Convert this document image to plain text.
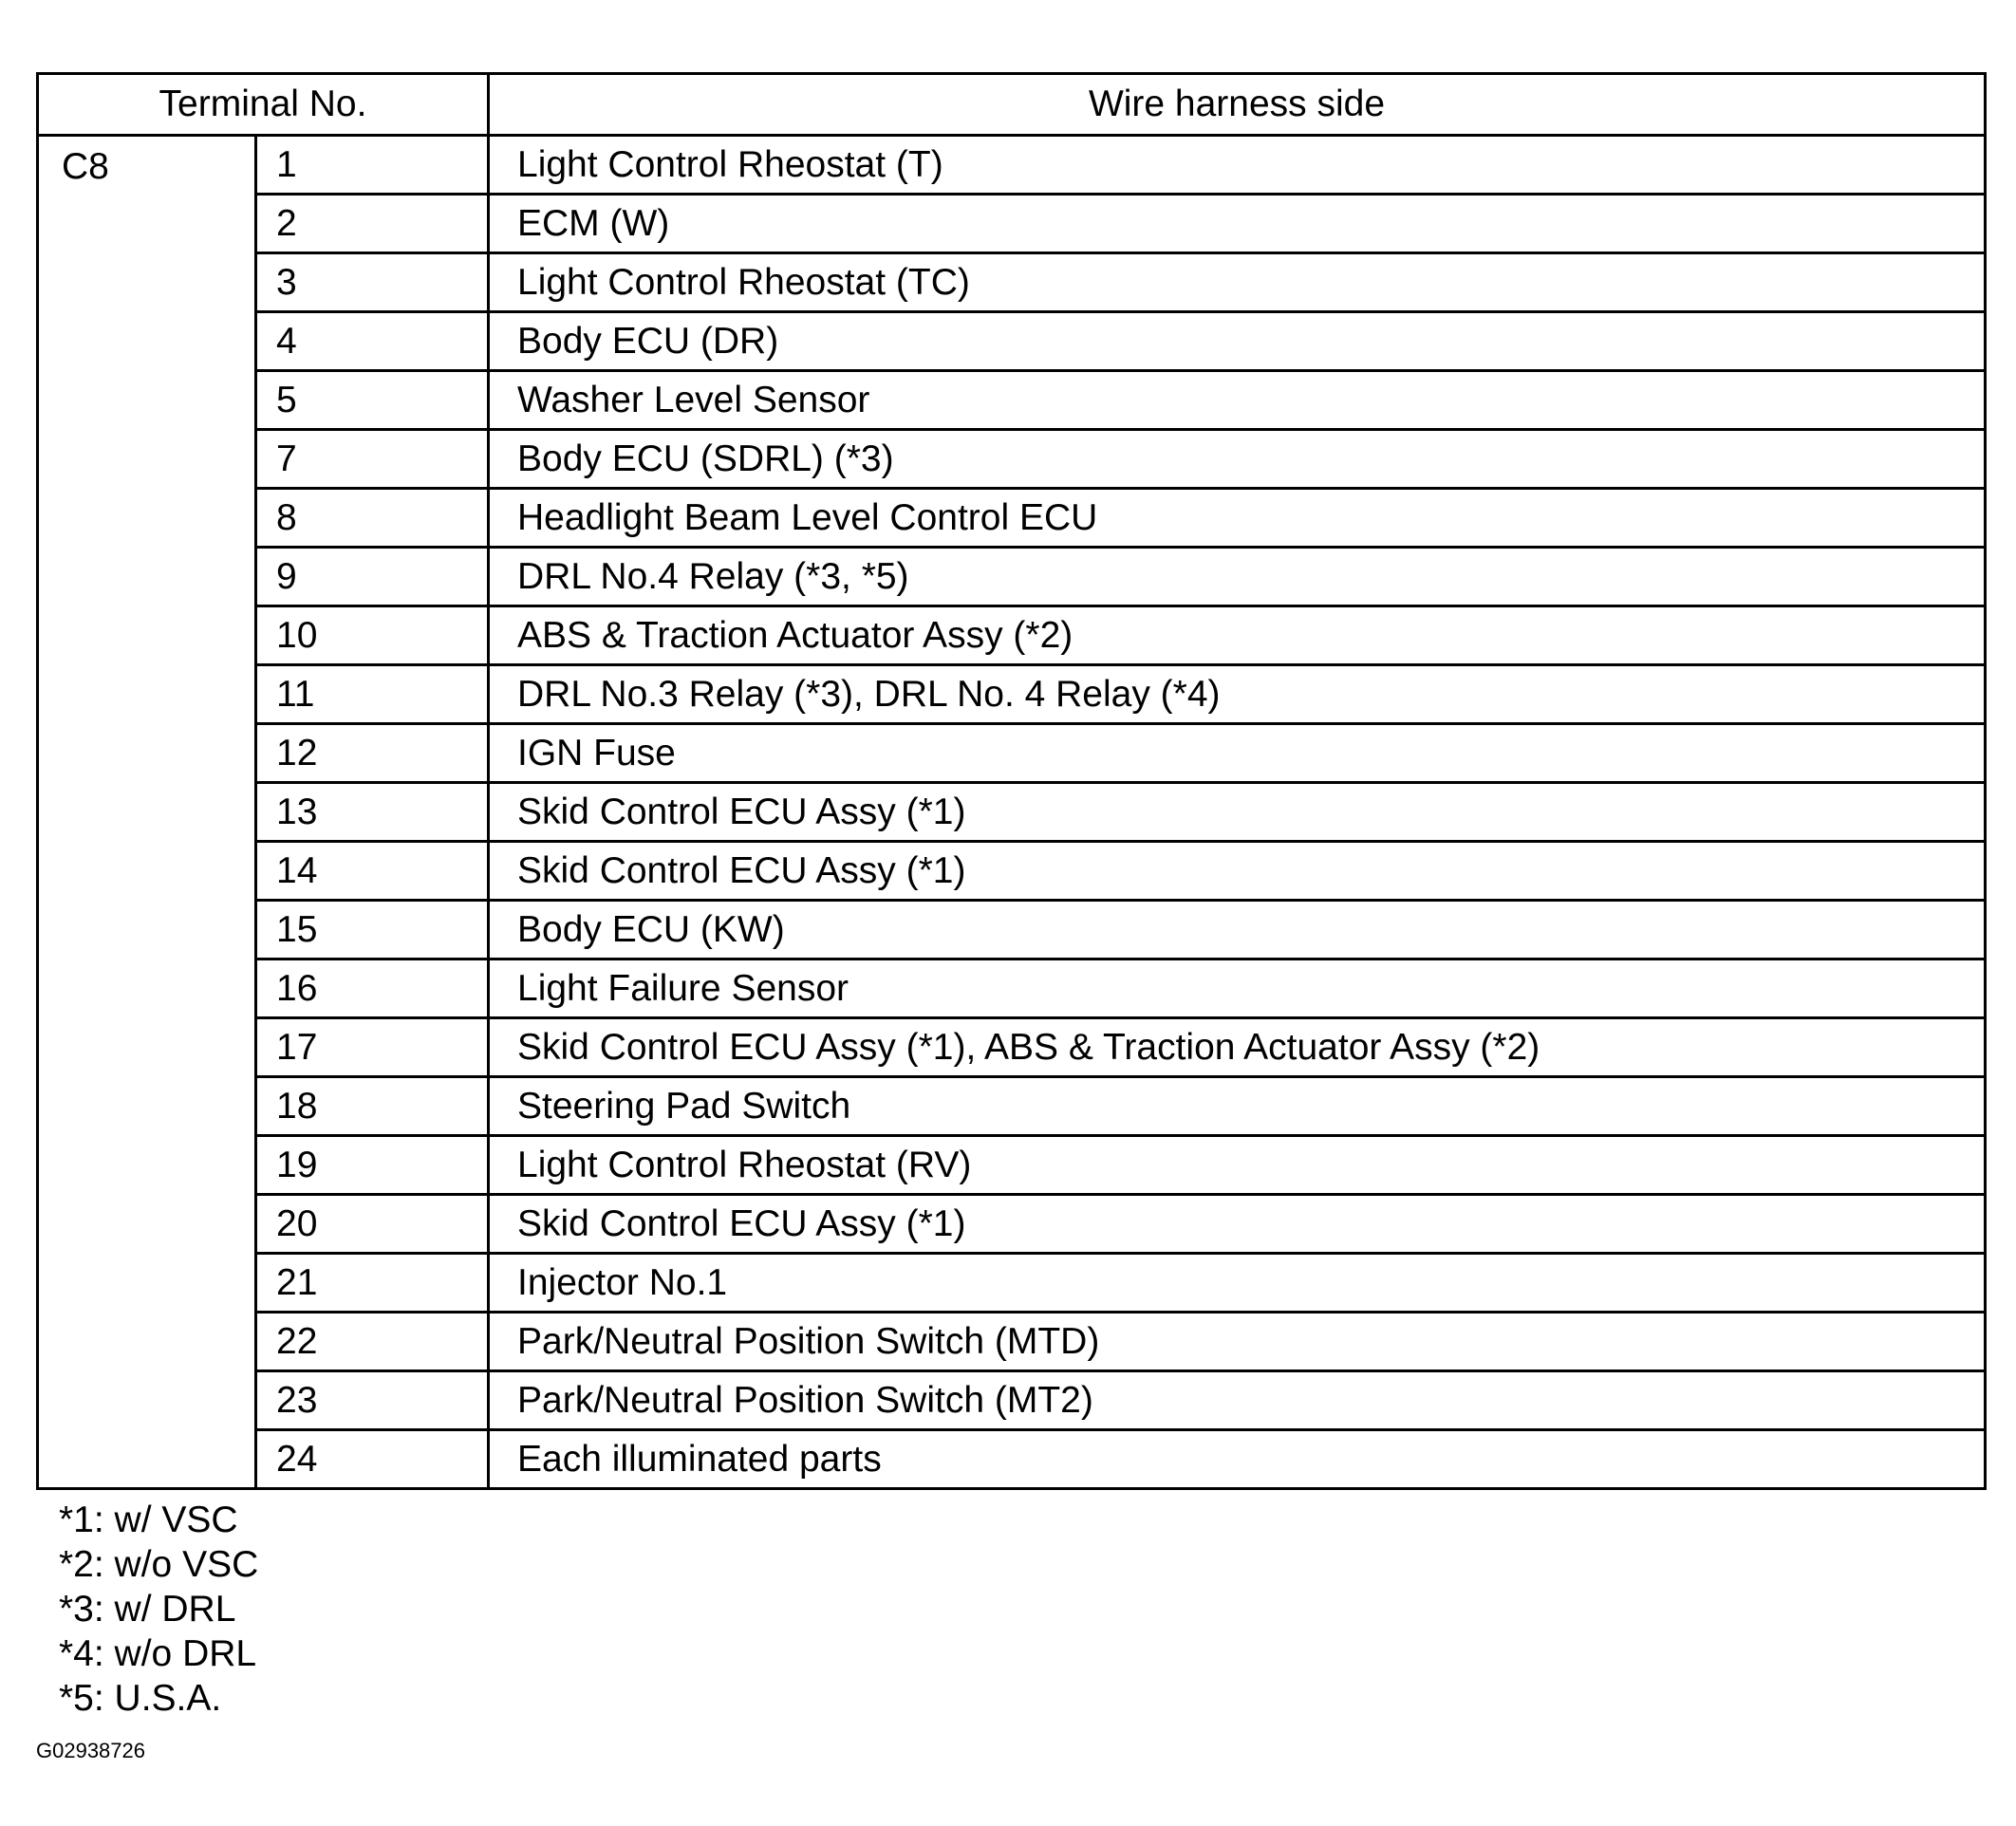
Terminal No.		Wire harness side
C8	1	Light Control Rheostat (T)
	2	ECM (W)
	3	Light Control Rheostat (TC)
	4	Body ECU (DR)
	5	Washer Level Sensor
	7	Body ECU (SDRL) (*3)
	8	Headlight Beam Level Control ECU
	9	DRL No.4 Relay (*3, *5)
	10	ABS & Traction Actuator Assy (*2)
	11	DRL No.3 Relay (*3), DRL No. 4 Relay (*4)
	12	IGN Fuse
	13	Skid Control ECU Assy (*1)
	14	Skid Control ECU Assy (*1)
	15	Body ECU (KW)
	16	Light Failure Sensor
	17	Skid Control ECU Assy (*1), ABS & Traction Actuator Assy (*2)
	18	Steering Pad Switch
	19	Light Control Rheostat (RV)
	20	Skid Control ECU Assy (*1)
	21	Injector No.1
	22	Park/Neutral Position Switch (MTD)
	23	Park/Neutral Position Switch (MT2)
	24	Each illuminated parts
*1: w/ VSC
*2: w/o VSC
*3: w/ DRL
*4: w/o DRL
*5: U.S.A.
G02938726
